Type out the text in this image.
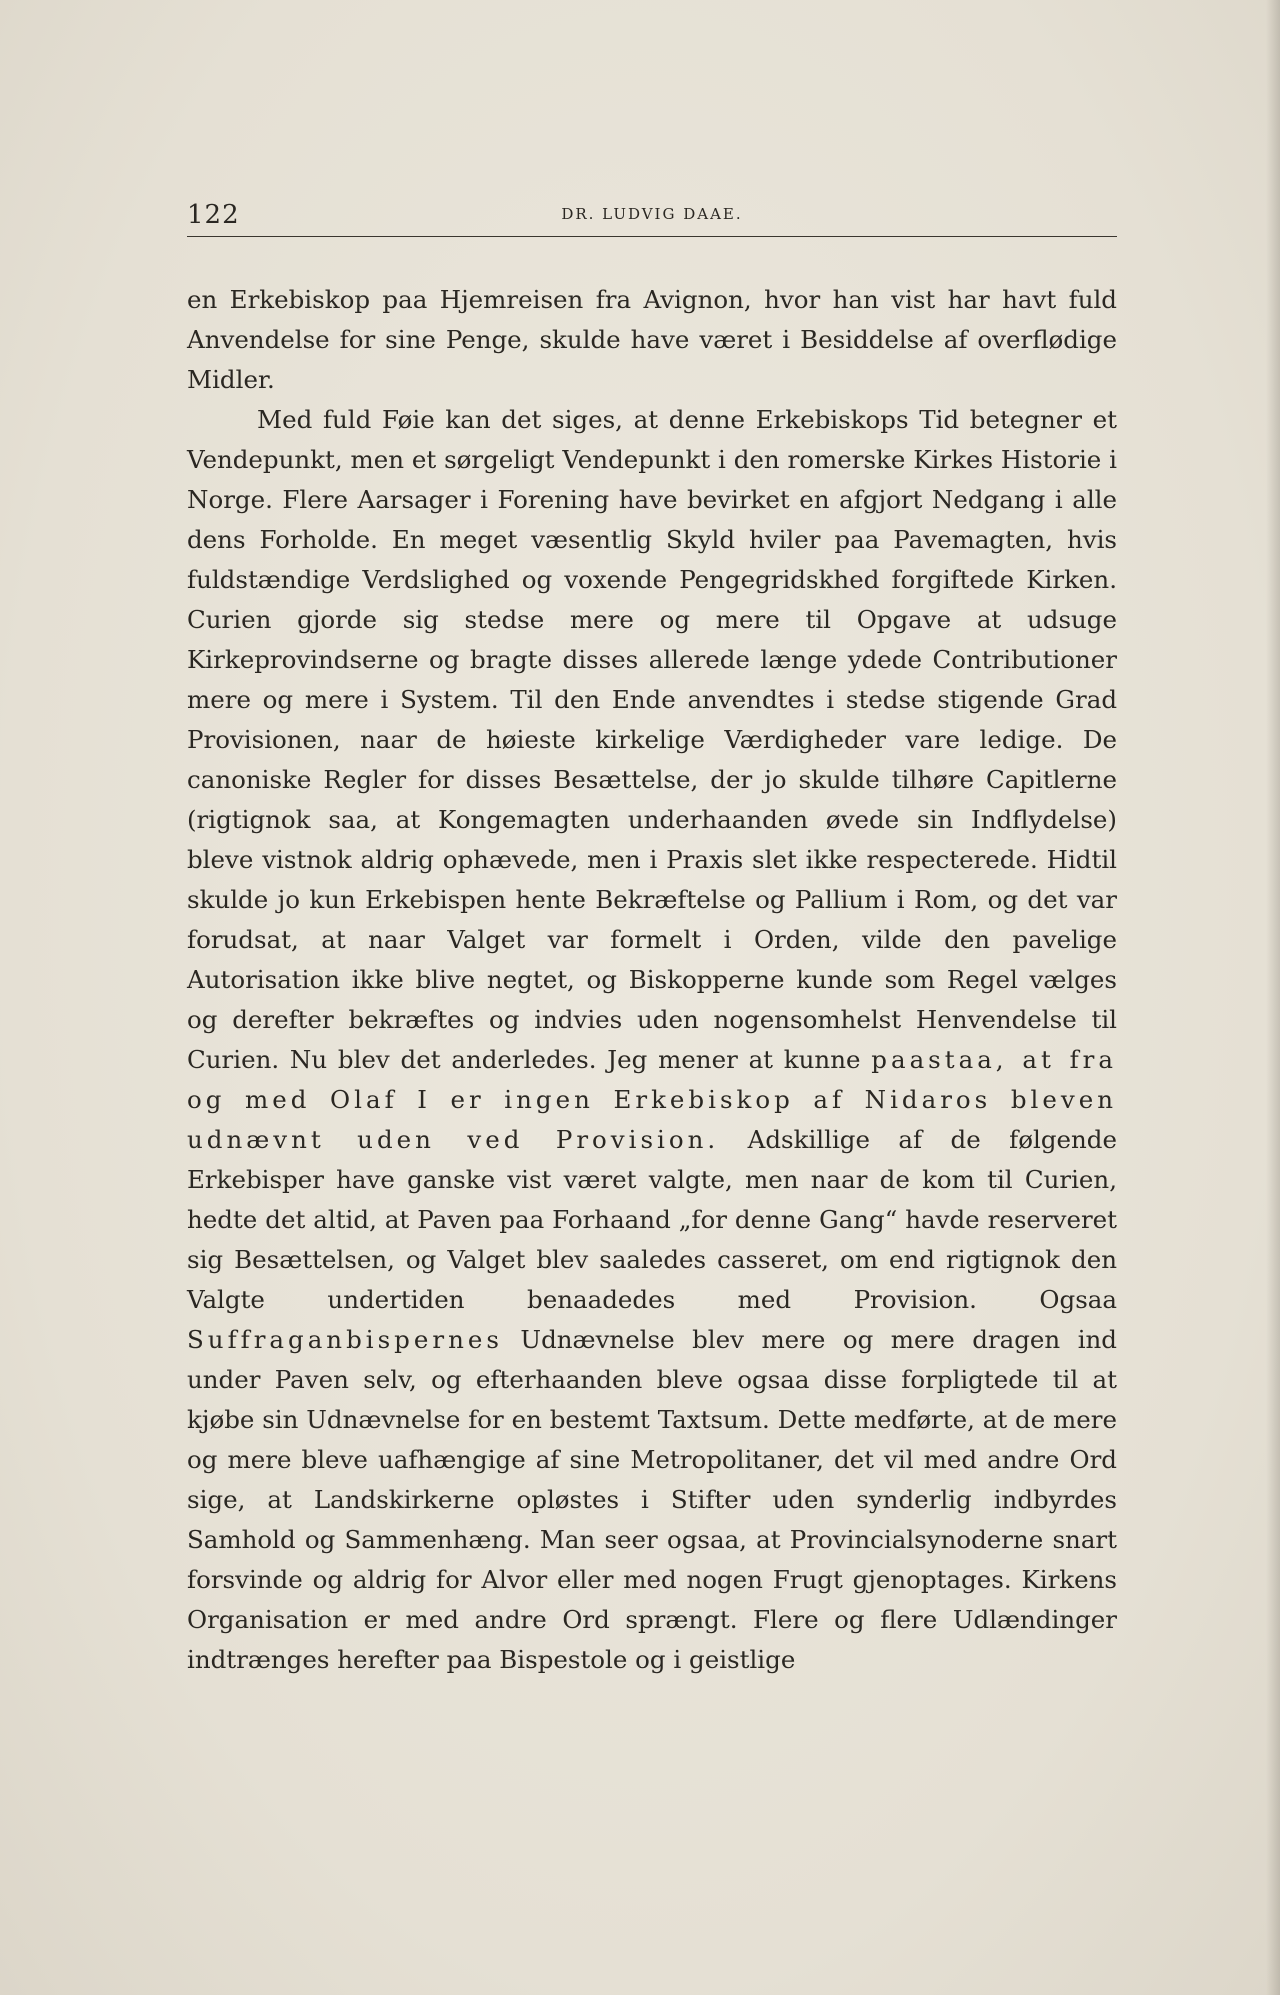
122	DR. LUDVIG DAAE.

en Erkebiskop paa Hjemreisen fra Avignon, hvor han vist har havt fuld Anvendelse for sine Penge, skulde have været i Besiddelse af overflødige Midler.

Med fuld Føie kan det siges, at denne Erkebiskops Tid betegner et Vendepunkt, men et sørgeligt Vendepunkt i den romerske Kirkes Historie i Norge. Flere Aarsager i Forening have bevirket en afgjort Nedgang i alle dens Forholde. En meget væsentlig Skyld hviler paa Pavemagten, hvis fuldstændige Verdslighed og voxende Pengegridskhed forgiftede Kirken. Curien gjorde sig stedse mere og mere til Opgave at udsuge Kirkeprovindserne og bragte disses allerede længe ydede Contributioner mere og mere i System. Til den Ende anvendtes i stedse stigende Grad Provisionen, naar de høieste kirkelige Værdigheder vare ledige. De canoniske Regler for disses Besættelse, der jo skulde tilhøre Capitlerne (rigtignok saa, at Kongemagten underhaanden øvede sin Indflydelse) bleve vistnok aldrig ophævede, men i Praxis slet ikke respecterede. Hidtil skulde jo kun Erkebispen hente Bekræftelse og Pallium i Rom, og det var forudsat, at naar Valget var formelt i Orden, vilde den pavelige Autorisation ikke blive negtet, og Biskopperne kunde som Regel vælges og derefter bekræftes og indvies uden nogensomhelst Henvendelse til Curien. Nu blev det anderledes. Jeg mener at kunne paastaa, at fra og med Olaf I er ingen Erkebiskop af Nidaros bleven udnævnt uden ved Provision. Adskillige af de følgende Erkebisper have ganske vist været valgte, men naar de kom til Curien, hedte det altid, at Paven paa Forhaand „for denne Gang“ havde reserveret sig Besættelsen, og Valget blev saaledes casseret, om end rigtignok den Valgte undertiden benaadedes med Provision. Ogsaa Suffraganbispernes Udnævnelse blev mere og mere dragen ind under Paven selv, og efterhaanden bleve ogsaa disse forpligtede til at kjøbe sin Udnævnelse for en bestemt Taxtsum. Dette medførte, at de mere og mere bleve uafhængige af sine Metropolitaner, det vil med andre Ord sige, at Landskirkerne opløstes i Stifter uden synderlig indbyrdes Samhold og Sammenhæng. Man seer ogsaa, at Provincialsynoderne snart forsvinde og aldrig for Alvor eller med nogen Frugt gjenoptages. Kirkens Organisation er med andre Ord sprængt. Flere og flere Udlændinger indtrænges herefter paa Bispestole og i geistlige
